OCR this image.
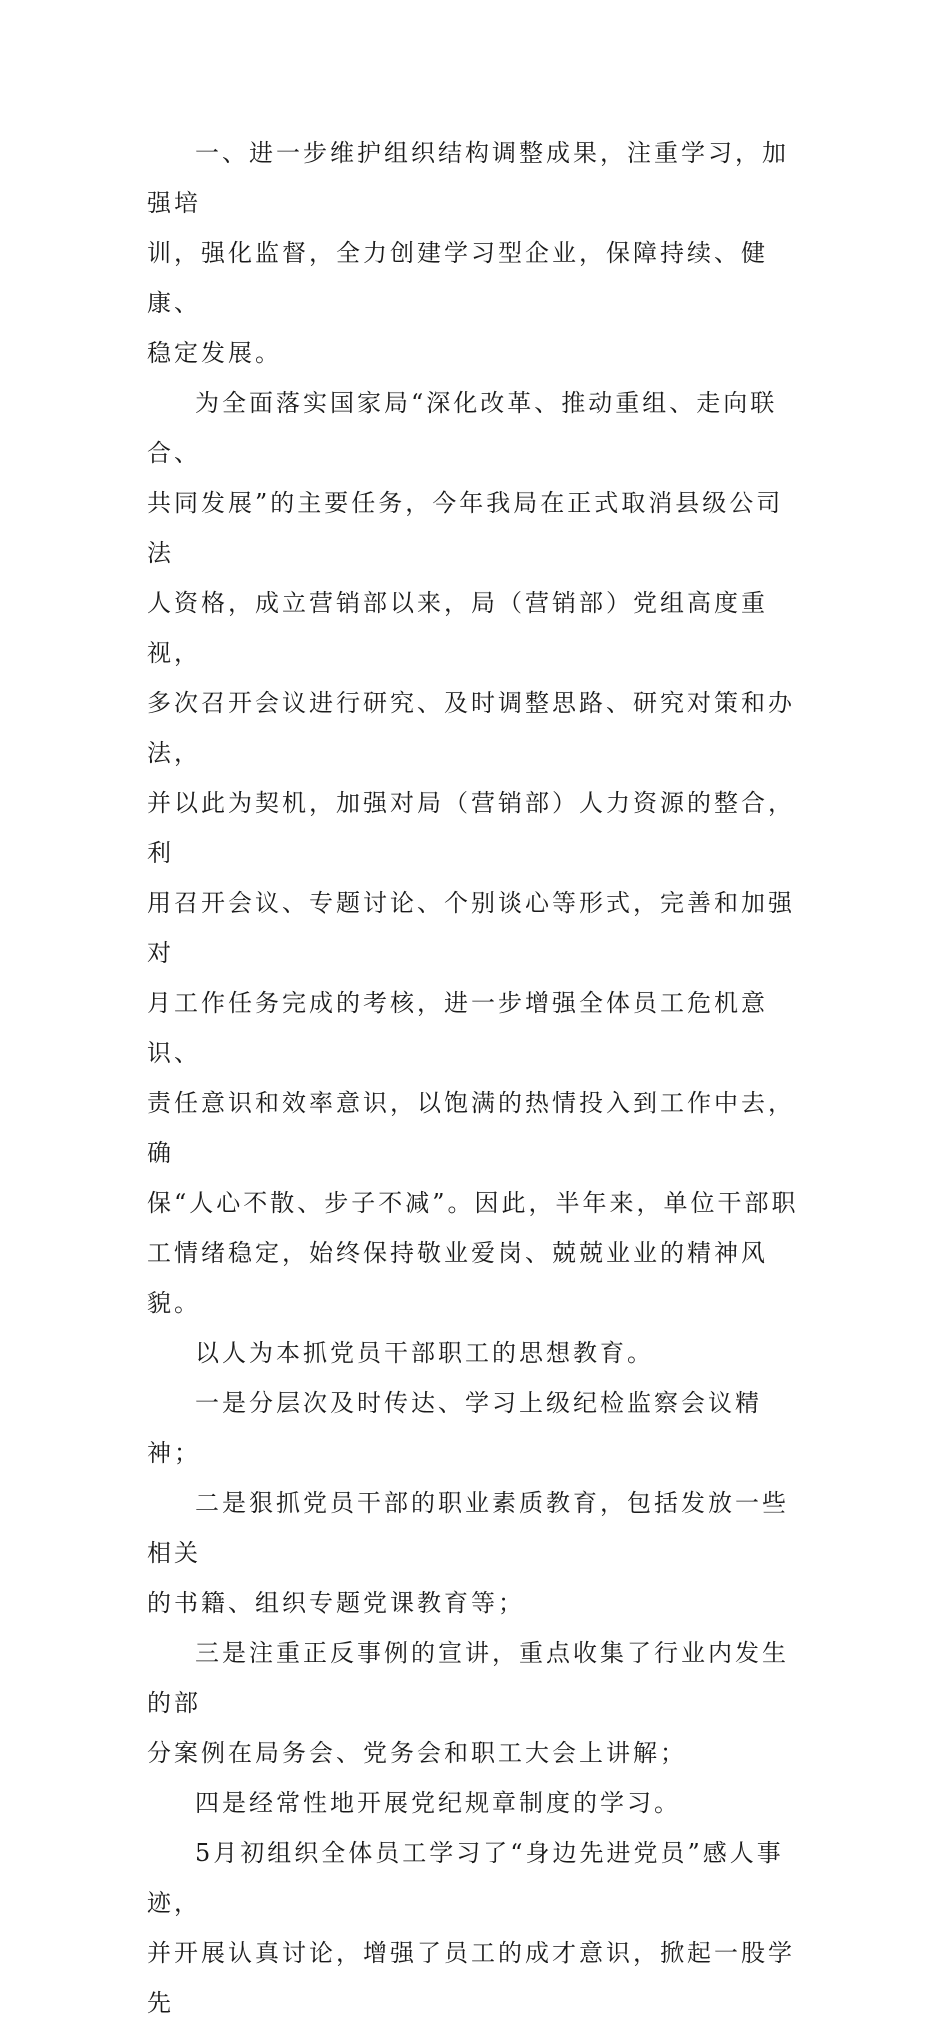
一、进一步维护组织结构调整成果，注重学习，加强培
训，强化监督，全力创建学习型企业，保障持续、健康、
稳定发展。

为全面落实国家局“深化改革、推动重组、走向联合、
共同发展”的主要任务，今年我局在正式取消县级公司法
人资格，成立营销部以来，局（营销部）党组高度重视，
多次召开会议进行研究、及时调整思路、研究对策和办法，
并以此为契机，加强对局（营销部）人力资源的整合，利
用召开会议、专题讨论、个别谈心等形式，完善和加强对
月工作任务完成的考核，进一步增强全体员工危机意识、
责任意识和效率意识，以饱满的热情投入到工作中去，确
保“人心不散、步子不减”。因此，半年来，单位干部职
工情绪稳定，始终保持敬业爱岗、兢兢业业的精神风貌。

以人为本抓党员干部职工的思想教育。

一是分层次及时传达、学习上级纪检监察会议精神；

二是狠抓党员干部的职业素质教育，包括发放一些相关
的书籍、组织专题党课教育等；

三是注重正反事例的宣讲，重点收集了行业内发生的部
分案例在局务会、党务会和职工大会上讲解；

四是经常性地开展党纪规章制度的学习。

5月初组织全体员工学习了“身边先进党员”感人事迹，
并开展认真讨论，增强了员工的成才意识，掀起一股学先
